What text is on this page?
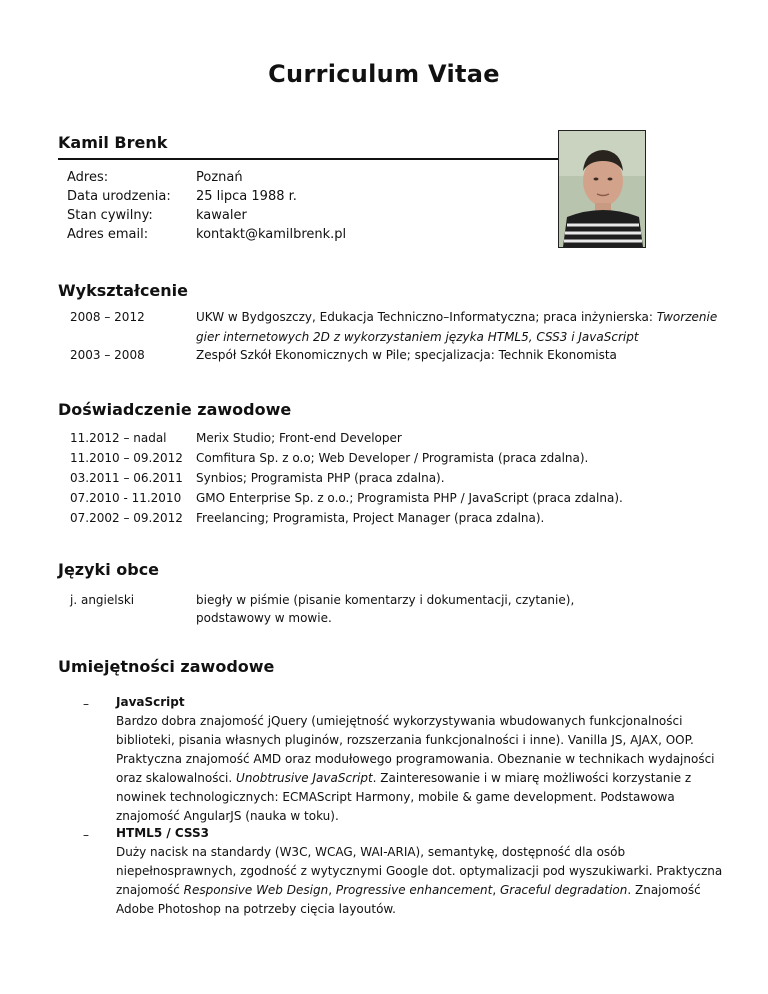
Curriculum Vitae
Kamil Brenk
Adres:	Poznań
Data urodzenia: 25 lipca 1988 r.
Stan cywilny:	kawaler
Adres email:	kontakt@kamilbrenk.pl
Wykształcenie
2008 – 2012	UKW w Bydgoszczy, Edukacja Techniczno–Informatyczna; praca inżynierska: Tworzenie gier internetowych 2D z wykorzystaniem języka HTML5, CSS3 i JavaScript
2003 – 2008	Zespół Szkół Ekonomicznych w Pile; specjalizacja: Technik Ekonomista
Doświadczenie zawodowe
11.2012 – nadal Merix Studio; Front-end Developer
11.2010 – 09.2012 Comfitura Sp. z o.o; Web Developer / Programista (praca zdalna).
03.2011 – 06.2011 Synbios; Programista PHP (praca zdalna).
07.2010 - 11.2010 GMO Enterprise Sp. z o.o.; Programista PHP / JavaScript (praca zdalna).
07.2002 – 09.2012 Freelancing; Programista, Project Manager (praca zdalna).
Języki obce
j. angielski	biegły w piśmie (pisanie komentarzy i dokumentacji, czytanie),
podstawowy w mowie.
Umiejętności zawodowe
– JavaScript
Bardzo dobra znajomość jQuery (umiejętność wykorzystywania wbudowanych funkcjonalności biblioteki, pisania własnych pluginów, rozszerzania funkcjonalności i inne). Vanilla JS, AJAX, OOP. Praktyczna znajomość AMD oraz modułowego programowania. Obeznanie w technikach wydajności oraz skalowalności. Unobtrusive JavaScript. Zainteresowanie i w miarę możliwości korzystanie z nowinek technologicznych: ECMAScript Harmony, mobile & game development. Podstawowa znajomość AngularJS (nauka w toku).
– HTML5 / CSS3
Duży nacisk na standardy (W3C, WCAG, WAI-ARIA), semantykę, dostępność dla osób niepełnosprawnych, zgodność z wytycznymi Google dot. optymalizacji pod wyszukiwarki. Praktyczna znajomość Responsive Web Design, Progressive enhancement, Graceful degradation. Znajomość Adobe Photoshop na potrzeby cięcia layoutów.
